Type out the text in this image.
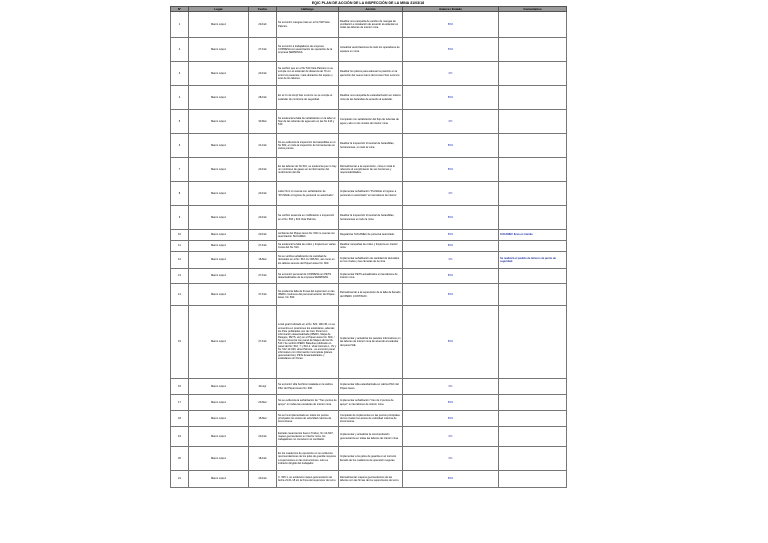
EQIC PLAN DE ACCIÓN DE LA INSPECCIÓN DE LA MINA 31/03/18
N°	Lugar	Fecha	Hallazgo	Acción	Avance / Estado	Comentarios
1	Marco López	20-Feb	Se encontró mangas rotas en el Nv 518 Veta Palmira.	Realizar una campaña de cambio de mangas de ventilación e instalación de acuerdo al estándar en todas las labores de interior mina.	80%	
2	Marco López	27-Feb	Se encontró a trabajadores de empresa COPRESA con autorización de operación de la empresa SERMINAS.	Actualizar autorizaciones de todo los operadores de equipos en mina.	50%	
3	Marco López	20-Feb	Se verificó que en el Nv 510 Veta Palmira no se cumple con el estándar de distancia de 70 cm entre los pasantes, mala ubicación del equipo y soto de los labores.	Realizar los planos para adecuar la posición en la ejecución del nuevo tramo del crucero San Lorenzo.	0%	
4	Marco López	28-Feb	En el Cx de Ampl San Lorenzo no se cumple el estándar de cumbrera de seguridad.	Realizar una campaña de estandarización en toda la mina de las barandas de acuerdo al estándar.	80%	
5	Marco López	30-Mar	Se evidencia la falta de señalización en la labor el flujo de las tuberías de agua aire en las Nv 410 y 510.	Completar con señalización del flujo de tuberías de agua y aire en los niveles de interior mina.	0%	
6	Marco López	21-Feb	No se evidencia la inspección de barandillas en el Nv 600, en todo la inspección de herramientas en varios puntos.	Realizar la inspección trimestral de barandillas, herramientas, en todo la mina.	80%	
7	Marco López	20-Feb	En las labores de Nv 510, se evidencia que no hay un monitoreo de gases en la información del rendimiento del día.	Retroalimentar a la supervisión, mina en toda lo referente al cumplimiento de sus funciones y responsabilidades.	80%	
8	Marco López	20-Feb	Labor Nv1 no cuenta con señalización de "Prohibido el ingreso de personal no autorizado".	Implementar señalización "Prohibido el ingreso a personal no autorizado" en las labores de interior.	0%	
9	Marco López	20-Feb	Se verificó ausencia en codificación e inspección en el Nv. 562 y 610 Veta Palmira.	Realizar la inspección trimestral de barandillas, herramientas en todo la mina.	80%	
10	Marco López	20-Feb	Ambiente del Piquer-lesso Nv. 600 no cuenta con autorización SUCAMEC.	Regularizar SUCAMEC de personal autorizado.	80%	SUCAMEC lleva en tramite
11	Marco López	27-Feb	Se evidenció la falta de orden y limpieza en varias zonas del Nv. 510.	Realizar campañas de orden y limpieza en interior mina.	80%	
12	Marco López	18-Mar	No se verifica señalización de cantidad de derivados en el Nv. 510 Cx ORUSC, así como en los talleres anexos del Piquer-lesso Nv. 600.	Implementar señalización de cantidad de derivados en los niveles y las cámaras de la mina.	0%	Se realizará el pedido de letreros de punto de seguridad
13	Marco López	27-Feb	Se encontró personal de COPRESA sin PETS desactualizados de la empresa SERMINAS.	Implementar PETS actualizados en las labores de interior mina.	80%	
14	Marco López	27-Feb	No evidencia falta de firmas del supervisor en las IPERC continuos del personal anterior del Piquer-lesso, Nv. 600.	Retroalimentar a la supervisión de la falta de llenado del IPERC CONTINUO.	80%	
15	Marco López	27-Feb	Local guard ubicado en el Nv. 520, 19N-35, no se encuentra en posiciones los estándares, además los Pets publicados con de Cat./ Panel con información desactualizada (IPERC, Mapa de Riesgos, PETS, etc) en el Piquer-lesso Nv. 600. / No se encuentra con panel de Mapeo de las Nv. 510 / Se verificó IPERC Baseline publicado en panel del Nv. 510, 7 y 510-1. Veta Carmelo L. 3V y Nv. 512 12-030, alma Palmira., se encontró panel informativo con información incompleta (planos geomecánicos), PETs desactualizados y estándares sin firmas.	Implementar y actualizar los paneles informativos en las labores de interior mina de acuerdo al estándar del panel SIE.	80%	
16	Marco López	29-Apr	Se encontró silla hechiza instalada en la cabina P&C del Piquer-lesso Nv. 600.	Implementar silla estandarizada en cabina P&C del Piquer-lesso.	0%	
17	Marco López	20-Mar	No se evidencia la señalización de "Tres puntos de apoyo" en todas las escaleras de interior mina.	Implementar señalización "Uso de 3 puntos de apoyo" en las labores de interior mina.	80%	
18	Marco López	18-Mar	No se ha implementado en todos los puntos principales los avisos de velocidad máxima de locomotoras.	Completar de implementar en las puntos principales de los niveles los avisos de velocidad máxima de locomotoras.	80%	
19	Marco López	20-Feb	Estrado cavamientos fueron Trabco, Nv 10-N07, mapeo geomecánico en interior mina, los trabajadores no conocieron el ventilador.	Implementar y actualizar la recomendación geomecánica en todas las labores de interior mina.	0%	
20	Marco López	18-Feb	En los cuadernos de operación en se evidencia recomendaciones de los jefes de guardia mayores a supervisores en las instrucciones, solo es indirecto dirigido del trabajador.	Implementar a los jefes de guardia en el correcto llenado de los cuadernos de operación seguras.	0%	
21	Marco López	20-Feb	C. 505 1, se evidencia mapeo geomecánico de fecha 21.01.18 sin la firma del supervisor de turno.	Retroalimentar mapeos geomecánicos de las labores con las firmas de los supervisores de turno.	80%	
